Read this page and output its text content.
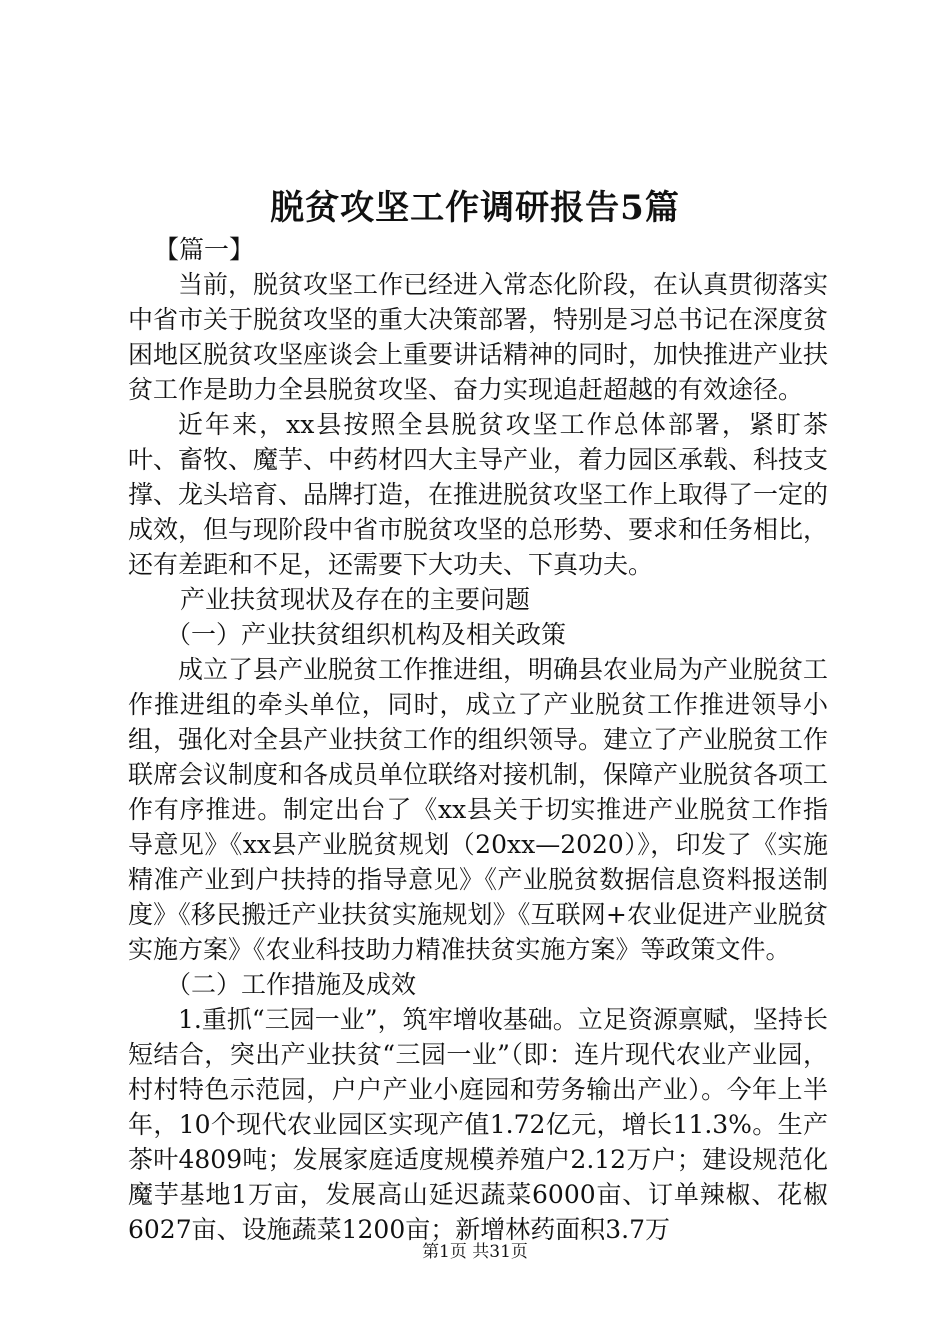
脱贫攻坚工作调研报告5篇

【篇一】

当前，脱贫攻坚工作已经进入常态化阶段，在认真贯彻落实中省市关于脱贫攻坚的重大决策部署，特别是习总书记在深度贫困地区脱贫攻坚座谈会上重要讲话精神的同时，加快推进产业扶贫工作是助力全县脱贫攻坚、奋力实现追赶超越的有效途径。

近年来，xx县按照全县脱贫攻坚工作总体部署，紧盯茶叶、畜牧、魔芋、中药材四大主导产业，着力园区承载、科技支撑、龙头培育、品牌打造，在推进脱贫攻坚工作上取得了一定的成效，但与现阶段中省市脱贫攻坚的总形势、要求和任务相比，还有差距和不足，还需要下大功夫、下真功夫。

产业扶贫现状及存在的主要问题

（一）产业扶贫组织机构及相关政策

成立了县产业脱贫工作推进组，明确县农业局为产业脱贫工作推进组的牵头单位，同时，成立了产业脱贫工作推进领导小组，强化对全县产业扶贫工作的组织领导。建立了产业脱贫工作联席会议制度和各成员单位联络对接机制，保障产业脱贫各项工作有序推进。制定出台了《xx县关于切实推进产业脱贫工作指导意见》《xx县产业脱贫规划（20xx—2020）》，印发了《实施精准产业到户扶持的指导意见》《产业脱贫数据信息资料报送制度》《移民搬迁产业扶贫实施规划》《互联网+农业促进产业脱贫实施方案》《农业科技助力精准扶贫实施方案》等政策文件。

（二）工作措施及成效

1.重抓“三园一业”，筑牢增收基础。立足资源禀赋，坚持长短结合，突出产业扶贫“三园一业”（即：连片现代农业产业园，村村特色示范园，户户产业小庭园和劳务输出产业）。今年上半年，10个现代农业园区实现产值1.72亿元，增长11.3%。生产茶叶4809吨；发展家庭适度规模养殖户2.12万户；建设规范化魔芋基地1万亩，发展高山延迟蔬菜6000亩、订单辣椒、花椒6027亩、设施蔬菜1200亩；新增林药面积3.7万

第1页 共31页
